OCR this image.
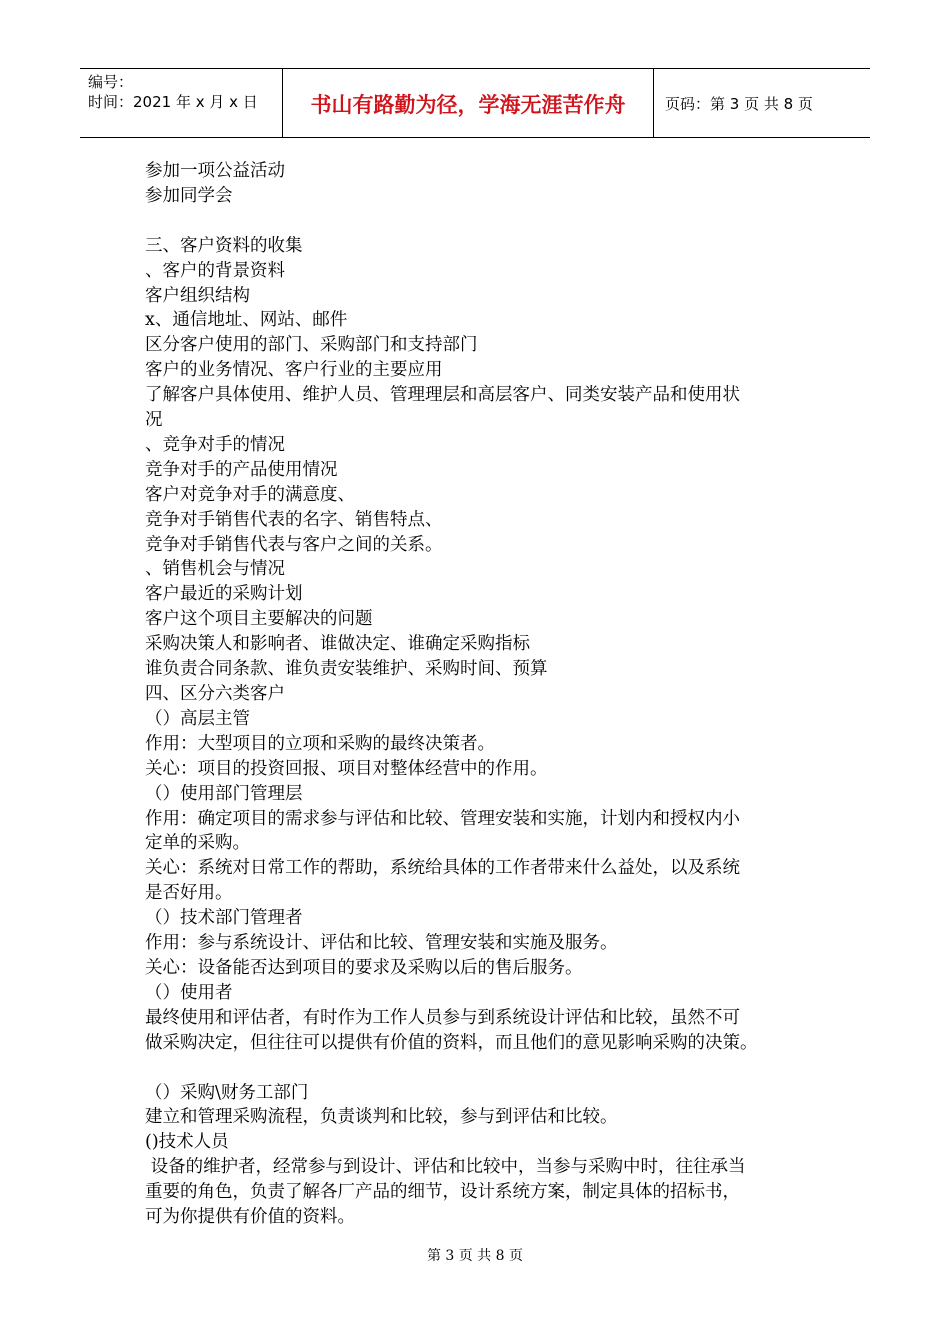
编号：
时间：2021 年 x 月 x 日	书山有路勤为径，学海无涯苦作舟	页码：第 3 页 共 8 页
参加一项公益活动
参加同学会
三、客户资料的收集
、客户的背景资料
客户组织结构
x、通信地址、网站、邮件
区分客户使用的部门、采购部门和支持部门
客户的业务情况、客户行业的主要应用
了解客户具体使用、维护人员、管理理层和高层客户、同类安装产品和使用状
况
、竞争对手的情况
竞争对手的产品使用情况
客户对竞争对手的满意度、
竞争对手销售代表的名字、销售特点、
竞争对手销售代表与客户之间的关系。
、销售机会与情况
客户最近的采购计划
客户这个项目主要解决的问题
采购决策人和影响者、谁做决定、谁确定采购指标
谁负责合同条款、谁负责安装维护、采购时间、预算
四、区分六类客户
（）高层主管
作用：大型项目的立项和采购的最终决策者。
关心：项目的投资回报、项目对整体经营中的作用。
（）使用部门管理层
作用：确定项目的需求参与评估和比较、管理安装和实施，计划内和授权内小
定单的采购。
关心：系统对日常工作的帮助，系统给具体的工作者带来什么益处，以及系统
是否好用。
（）技术部门管理者
作用：参与系统设计、评估和比较、管理安装和实施及服务。
关心：设备能否达到项目的要求及采购以后的售后服务。
（）使用者
最终使用和评估者，有时作为工作人员参与到系统设计评估和比较，虽然不可
做采购决定，但往往可以提供有价值的资料，而且他们的意见影响采购的决策。
（）采购\财务工部门
建立和管理采购流程，负责谈判和比较，参与到评估和比较。
()技术人员
设备的维护者，经常参与到设计、评估和比较中，当参与采购中时，往往承当
重要的角色，负责了解各厂产品的细节，设计系统方案，制定具体的招标书，
可为你提供有价值的资料。
第 3 页 共 8 页
